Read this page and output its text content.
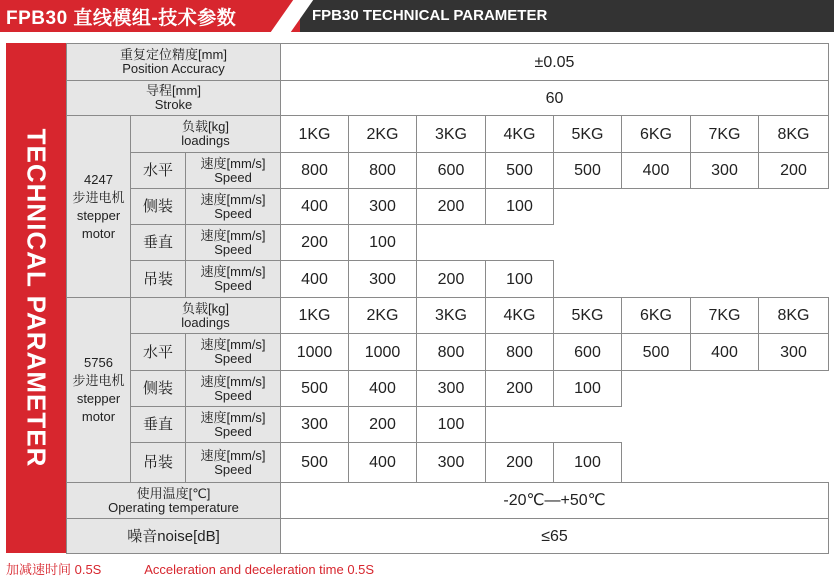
FPB30 直线模组-技术参数	FPB30 TECHNICAL PARAMETER
TECHNICAL PARAMETER
重复定位精度[mm]
Position Accuracy	±0.05
导程[mm]
Stroke	60
4247
步进电机
stepper
motor
负载[kg]
loadings	1KG	2KG	3KG	4KG	5KG	6KG	7KG	8KG
水平	速度[mm/s]
Speed	800	800	600	500	500	400	300	200
侧装	速度[mm/s]
Speed	400	300	200	100
垂直	速度[mm/s]
Speed	200	100
吊装	速度[mm/s]
Speed	400	300	200	100
5756
步进电机
stepper
motor
负载[kg]
loadings	1KG	2KG	3KG	4KG	5KG	6KG	7KG	8KG
水平	速度[mm/s]
Speed	1000	1000	800	800	600	500	400	300
侧装	速度[mm/s]
Speed	500	400	300	200	100
垂直	速度[mm/s]
Speed	300	200	100
吊装	速度[mm/s]
Speed	500	400	300	200	100
使用温度[℃]
Operating temperature	-20℃—+50℃
噪音noise[dB]	≤65
加减速时间 0.5S	Acceleration and deceleration time 0.5S
